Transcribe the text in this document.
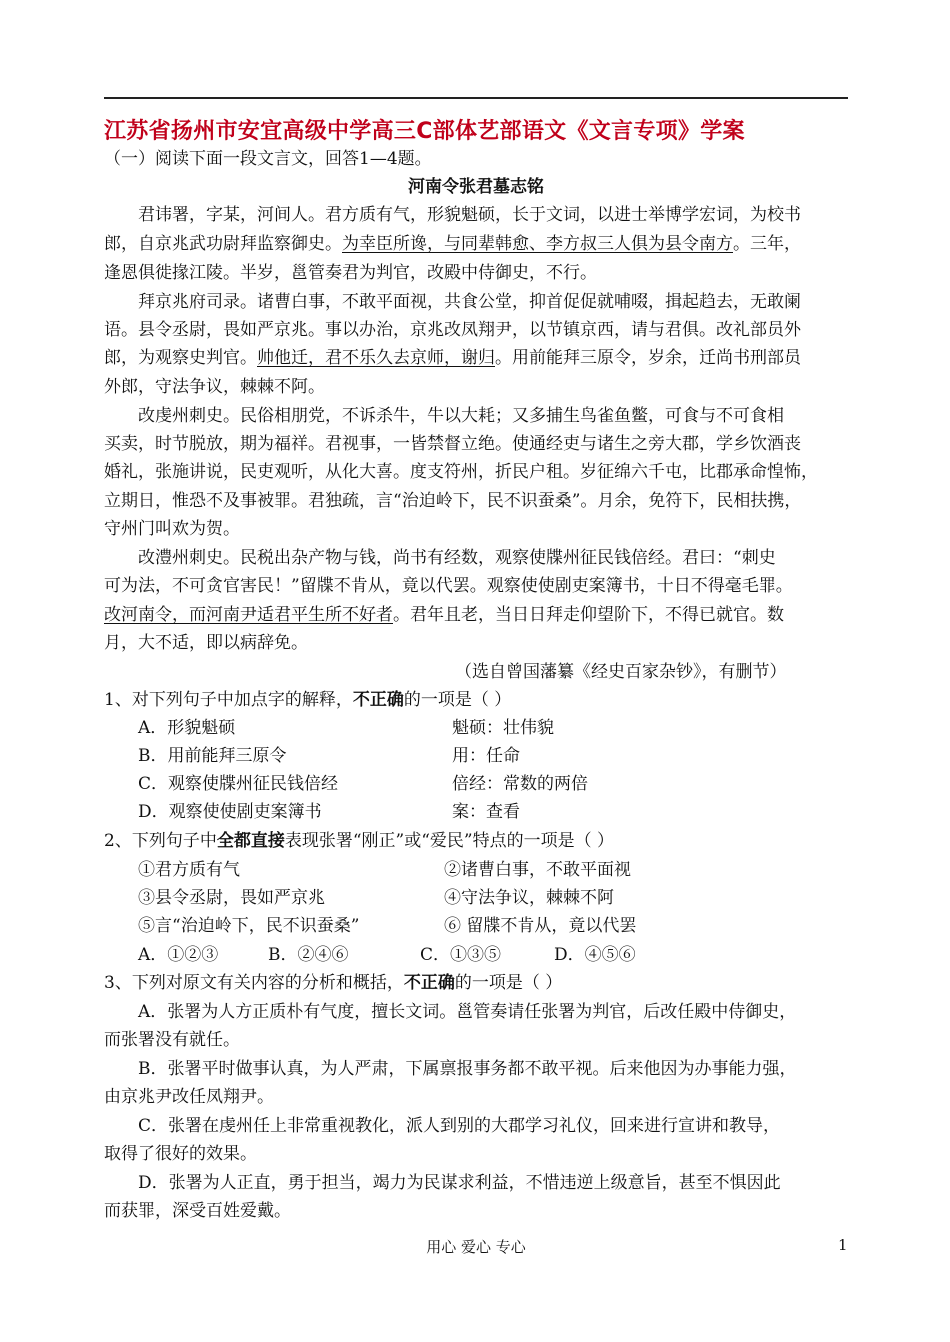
江苏省扬州市安宜高级中学高三C部体艺部语文《文言专项》学案
（一）阅读下面一段文言文，回答1—4题。
河南令张君墓志铭
君讳署，字某，河间人。君方质有气，形貌魁硕，长于文词，以进士举博学宏词，为校书
郎，自京兆武功尉拜监察御史。为幸臣所谗，与同辈韩愈、李方叔三人俱为县令南方。三年，
逢恩俱徙掾江陵。半岁，邕管奏君为判官，改殿中侍御史，不行。
拜京兆府司录。诸曹白事，不敢平面视，共食公堂，抑首促促就哺啜，揖起趋去，无敢阑
语。县令丞尉，畏如严京兆。事以办治，京兆改凤翔尹，以节镇京西，请与君俱。改礼部员外
郎，为观察史判官。帅他迁，君不乐久去京师，谢归。用前能拜三原令，岁余，迁尚书刑部员
外郎，守法争议，棘棘不阿。
改虔州刺史。民俗相朋党，不诉杀牛，牛以大耗；又多捕生鸟雀鱼鳖，可食与不可食相
买卖，时节脱放，期为福祥。君视事，一皆禁督立绝。使通经吏与诸生之旁大郡，学乡饮酒丧
婚礼，张施讲说，民吏观听，从化大喜。度支符州，折民户租。岁征绵六千屯，比郡承命惶怖，
立期日，惟恐不及事被罪。君独疏，言“治迫岭下，民不识蚕桑”。月余，免符下，民相扶携，
守州门叫欢为贺。
改澧州刺史。民税出杂产物与钱，尚书有经数，观察使牒州征民钱倍经。君曰：“刺史
可为法，不可贪官害民！”留牒不肯从，竟以代罢。观察使使剧吏案簿书，十日不得毫毛罪。
改河南令，而河南尹适君平生所不好者。君年且老，当日日拜走仰望阶下，不得已就官。数
月，大不适，即以病辞免。
（选自曾国藩纂《经史百家杂钞》，有删节）
1、对下列句子中加点字的解释，不正确的一项是（ ）
A．形貌魁硕	魁硕：壮伟貌
B．用前能拜三原令	用：任命
C．观察使牒州征民钱倍经	倍经：常数的两倍
D．观察使使剧吏案簿书	案：查看
2、下列句子中全都直接表现张署“刚正”或“爱民”特点的一项是（ ）
①君方质有气	②诸曹白事，不敢平面视
③县令丞尉，畏如严京兆	④守法争议，棘棘不阿
⑤言“治迫岭下，民不识蚕桑”	⑥ 留牒不肯从，竟以代罢
A．①②③	B．②④⑥	C．①③⑤	D．④⑤⑥
3、下列对原文有关内容的分析和概括，不正确的一项是（ ）
A．张署为人方正质朴有气度，擅长文词。邕管奏请任张署为判官，后改任殿中侍御史，
而张署没有就任。
B．张署平时做事认真，为人严肃，下属禀报事务都不敢平视。后来他因为办事能力强，
由京兆尹改任凤翔尹。
C．张署在虔州任上非常重视教化，派人到别的大郡学习礼仪，回来进行宣讲和教导，
取得了很好的效果。
D．张署为人正直，勇于担当，竭力为民谋求利益，不惜违逆上级意旨，甚至不惧因此
而获罪，深受百姓爱戴。
用心 爱心 专心	1
